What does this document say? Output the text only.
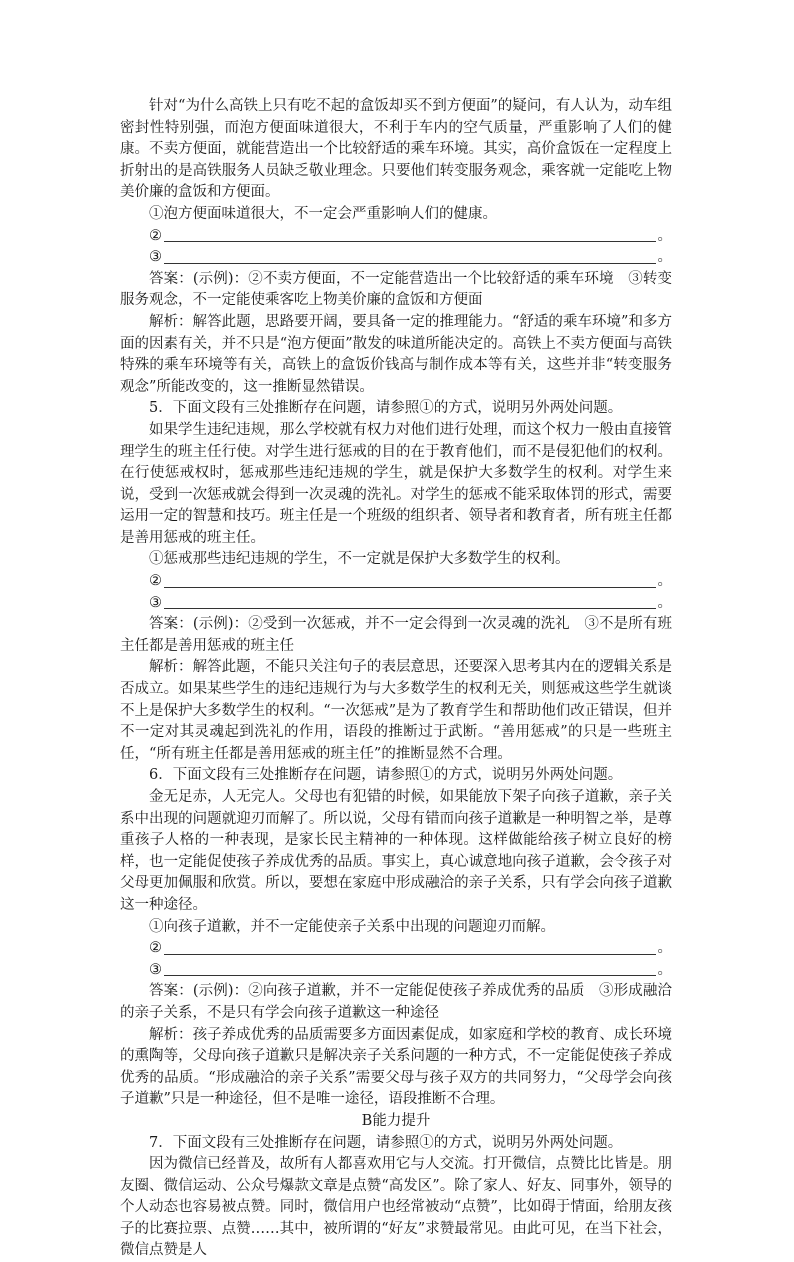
针对“为什么高铁上只有吃不起的盒饭却买不到方便面”的疑问，有人认为，动车组密封性特别强，而泡方便面味道很大，不利于车内的空气质量，严重影响了人们的健康。不卖方便面，就能营造出一个比较舒适的乘车环境。其实，高价盒饭在一定程度上折射出的是高铁服务人员缺乏敬业理念。只要他们转变服务观念，乘客就一定能吃上物美价廉的盒饭和方便面。

①泡方便面味道很大，不一定会严重影响人们的健康。

②	。
③	。

答案：(示例)：②不卖方便面，不一定能营造出一个比较舒适的乘车环境　③转变服务观念，不一定能使乘客吃上物美价廉的盒饭和方便面

解析：解答此题，思路要开阔，要具备一定的推理能力。“舒适的乘车环境”和多方面的因素有关，并不只是“泡方便面”散发的味道所能决定的。高铁上不卖方便面与高铁特殊的乘车环境等有关，高铁上的盒饭价钱高与制作成本等有关，这些并非“转变服务观念”所能改变的，这一推断显然错误。

5．下面文段有三处推断存在问题，请参照①的方式，说明另外两处问题。

如果学生违纪违规，那么学校就有权力对他们进行处理，而这个权力一般由直接管理学生的班主任行使。对学生进行惩戒的目的在于教育他们，而不是侵犯他们的权利。在行使惩戒权时，惩戒那些违纪违规的学生，就是保护大多数学生的权利。对学生来说，受到一次惩戒就会得到一次灵魂的洗礼。对学生的惩戒不能采取体罚的形式，需要运用一定的智慧和技巧。班主任是一个班级的组织者、领导者和教育者，所有班主任都是善用惩戒的班主任。

①惩戒那些违纪违规的学生，不一定就是保护大多数学生的权利。

②	。
③	。

答案：(示例)：②受到一次惩戒，并不一定会得到一次灵魂的洗礼　③不是所有班主任都是善用惩戒的班主任

解析：解答此题，不能只关注句子的表层意思，还要深入思考其内在的逻辑关系是否成立。如果某些学生的违纪违规行为与大多数学生的权利无关，则惩戒这些学生就谈不上是保护大多数学生的权利。“一次惩戒”是为了教育学生和帮助他们改正错误，但并不一定对其灵魂起到洗礼的作用，语段的推断过于武断。“善用惩戒”的只是一些班主任，“所有班主任都是善用惩戒的班主任”的推断显然不合理。

6．下面文段有三处推断存在问题，请参照①的方式，说明另外两处问题。

金无足赤，人无完人。父母也有犯错的时候，如果能放下架子向孩子道歉，亲子关系中出现的问题就迎刃而解了。所以说，父母有错而向孩子道歉是一种明智之举，是尊重孩子人格的一种表现，是家长民主精神的一种体现。这样做能给孩子树立良好的榜样，也一定能促使孩子养成优秀的品质。事实上，真心诚意地向孩子道歉，会令孩子对父母更加佩服和欣赏。所以，要想在家庭中形成融洽的亲子关系，只有学会向孩子道歉这一种途径。

①向孩子道歉，并不一定能使亲子关系中出现的问题迎刃而解。

②	。
③	。

答案：(示例)：②向孩子道歉，并不一定能促使孩子养成优秀的品质　③形成融洽的亲子关系，不是只有学会向孩子道歉这一种途径

解析：孩子养成优秀的品质需要多方面因素促成，如家庭和学校的教育、成长环境的熏陶等，父母向孩子道歉只是解决亲子关系问题的一种方式，不一定能促使孩子养成优秀的品质。“形成融洽的亲子关系”需要父母与孩子双方的共同努力，“父母学会向孩子道歉”只是一种途径，但不是唯一途径，语段推断不合理。

B能力提升

7．下面文段有三处推断存在问题，请参照①的方式，说明另外两处问题。

因为微信已经普及，故所有人都喜欢用它与人交流。打开微信，点赞比比皆是。朋友圈、微信运动、公众号爆款文章是点赞“高发区”。除了家人、好友、同事外，领导的个人动态也容易被点赞。同时，微信用户也经常被动“点赞”，比如碍于情面，给朋友孩子的比赛拉票、点赞……其中，被所谓的“好友”求赞最常见。由此可见，在当下社会，微信点赞是人
